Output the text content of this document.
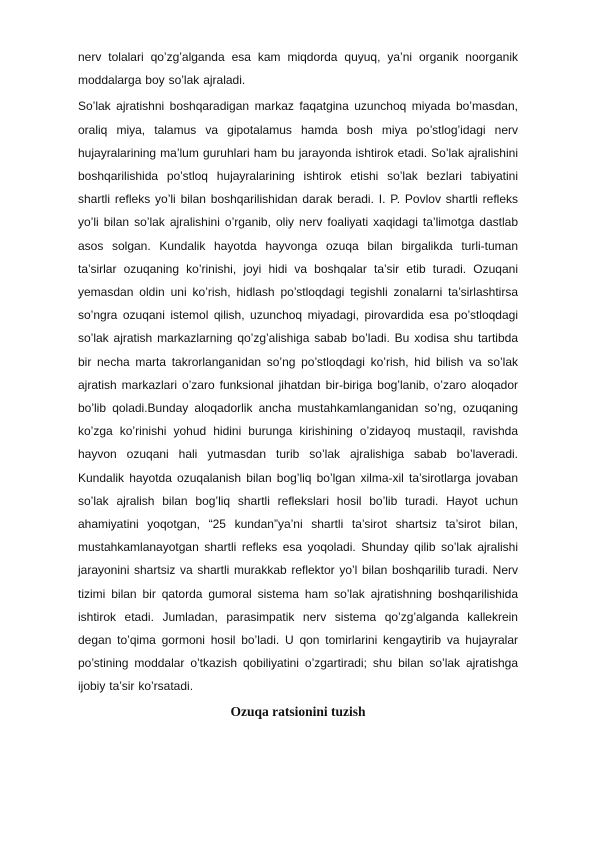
nerv tolalari qo’zg’alganda esa kam miqdorda quyuq, ya’ni organik noorganik moddalarga boy so’lak ajraladi.

So’lak ajratishni boshqaradigan markaz faqatgina uzunchoq miyada bo’masdan, oraliq miya, talamus va gipotalamus hamda bosh miya po’stlog’idagi nerv hujayralarining ma’lum guruhlari ham bu jarayonda ishtirok etadi. So’lak ajralishini boshqarilishida po’stloq hujayralarining ishtirok etishi so’lak bezlari tabiyatini shartli refleks yo’li bilan boshqarilishidan darak beradi. I. P. Povlov shartli refleks yo’li bilan so’lak ajralishini o’rganib, oliy nerv foaliyati xaqidagi ta’limotga dastlab asos solgan. Kundalik hayotda hayvonga ozuqa bilan birgalikda turli-tuman ta’sirlar ozuqaning ko’rinishi, joyi hidi va boshqalar ta’sir etib turadi. Ozuqani yemasdan oldin uni ko’rish, hidlash po’stloqdagi tegishli zonalarni ta’sirlashtirsa so’ngra ozuqani istemol qilish, uzunchoq miyadagi, pirovardida esa po’stloqdagi so’lak ajratish markazlarning qo’zg’alishiga sabab bo’ladi. Bu xodisa shu tartibda bir necha marta takrorlanganidan so’ng po’stloqdagi ko’rish, hid bilish va so’lak ajratish markazlari o’zaro funksional jihatdan bir-biriga bog’lanib, o’zaro aloqador bo’lib qoladi.Bunday aloqadorlik ancha mustahkamlanganidan so’ng, ozuqaning ko’zga ko’rinishi yohud hidini burunga kirishining o’zidayoq mustaqil, ravishda hayvon ozuqani hali yutmasdan turib so’lak ajralishiga sabab bo’laveradi. Kundalik hayotda ozuqalanish bilan bog’liq bo’lgan xilma-xil ta’sirotlarga jovaban so’lak ajralish bilan bog’liq shartli reflekslari hosil bo’lib turadi. Hayot uchun ahamiyatini yoqotgan, “25 kundan”ya’ni shartli ta’sirot shartsiz ta’sirot bilan, mustahkamlanayotgan shartli refleks esa yoqoladi. Shunday qilib so’lak ajralishi jarayonini shartsiz va shartli murakkab reflektor yo’l bilan boshqarilib turadi. Nerv tizimi bilan bir qatorda gumoral sistema ham so’lak ajratishning boshqarilishida ishtirok etadi. Jumladan, parasimpatik nerv sistema qo’zg’alganda kallekrein degan to’qima gormoni hosil bo’ladi. U qon tomirlarini kengaytirib va hujayralar po’stining moddalar o’tkazish qobiliyatini o’zgartiradi; shu bilan so’lak ajratishga ijobiy ta’sir ko’rsatadi.

Ozuqa ratsionini tuzish
